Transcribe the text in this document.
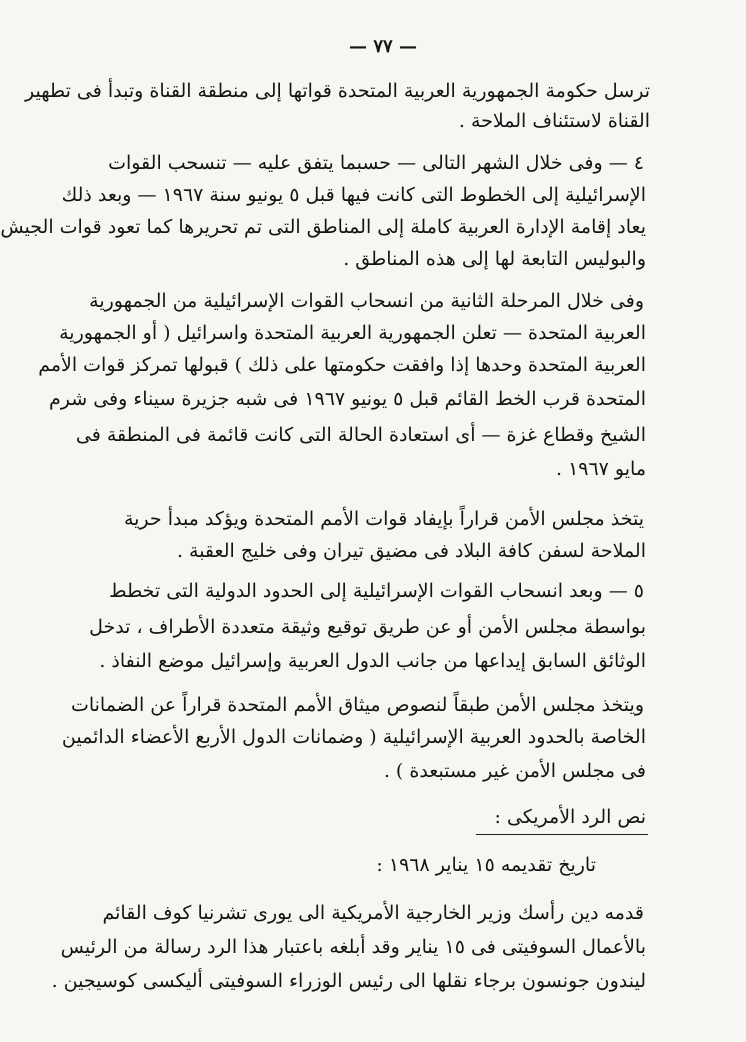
— ٧٧ —
ترسل حكومة الجمهورية العربية المتحدة قواتها إلى منطقة القناة وتبدأ فى تطهير
القناة لاستئناف الملاحة .
٤ — وفى خلال الشهر التالى — حسبما يتفق عليه — تنسحب القوات
الإسرائيلية إلى الخطوط التى كانت فيها قبل ٥ يونيو سنة ١٩٦٧ — وبعد ذلك
يعاد إقامة الإدارة العربية كاملة إلى المناطق التى تم تحريرها كما تعود قوات الجيش
والبوليس التابعة لها إلى هذه المناطق .
وفى خلال المرحلة الثانية من انسحاب القوات الإسرائيلية من الجمهورية
العربية المتحدة — تعلن الجمهورية العربية المتحدة واسرائيل ( أو الجمهورية
العربية المتحدة وحدها إذا وافقت حكومتها على ذلك ) قبولها تمركز قوات الأمم
المتحدة قرب الخط القائم قبل ٥ يونيو ١٩٦٧ فى شبه جزيرة سيناء وفى شرم
الشيخ وقطاع غزة — أى استعادة الحالة التى كانت قائمة فى المنطقة فى
مايو ١٩٦٧ .
يتخذ مجلس الأمن قراراً بإيفاد قوات الأمم المتحدة ويؤكد مبدأ حرية
الملاحة لسفن كافة البلاد فى مضيق تيران وفى خليج العقبة .
٥ — وبعد انسحاب القوات الإسرائيلية إلى الحدود الدولية التى تخطط
بواسطة مجلس الأمن أو عن طريق توقيع وثيقة متعددة الأطراف ، تدخل
الوثائق السابق إيداعها من جانب الدول العربية وإسرائيل موضع النفاذ .
ويتخذ مجلس الأمن طبقاً لنصوص ميثاق الأمم المتحدة قراراً عن الضمانات
الخاصة بالحدود العربية الإسرائيلية ( وضمانات الدول الأربع الأعضاء الدائمين
فى مجلس الأمن غير مستبعدة ) .
نص الرد الأمريكى :
تاريخ تقديمه ١٥ يناير ١٩٦٨ :
قدمه دين رأسك وزير الخارجية الأمريكية الى يورى تشرنيا كوف القائم
بالأعمال السوفيتى فى ١٥ يناير وقد أبلغه باعتبار هذا الرد رسالة من الرئيس
ليندون جونسون برجاء نقلها الى رئيس الوزراء السوفيتى أليكسى كوسيجين .
